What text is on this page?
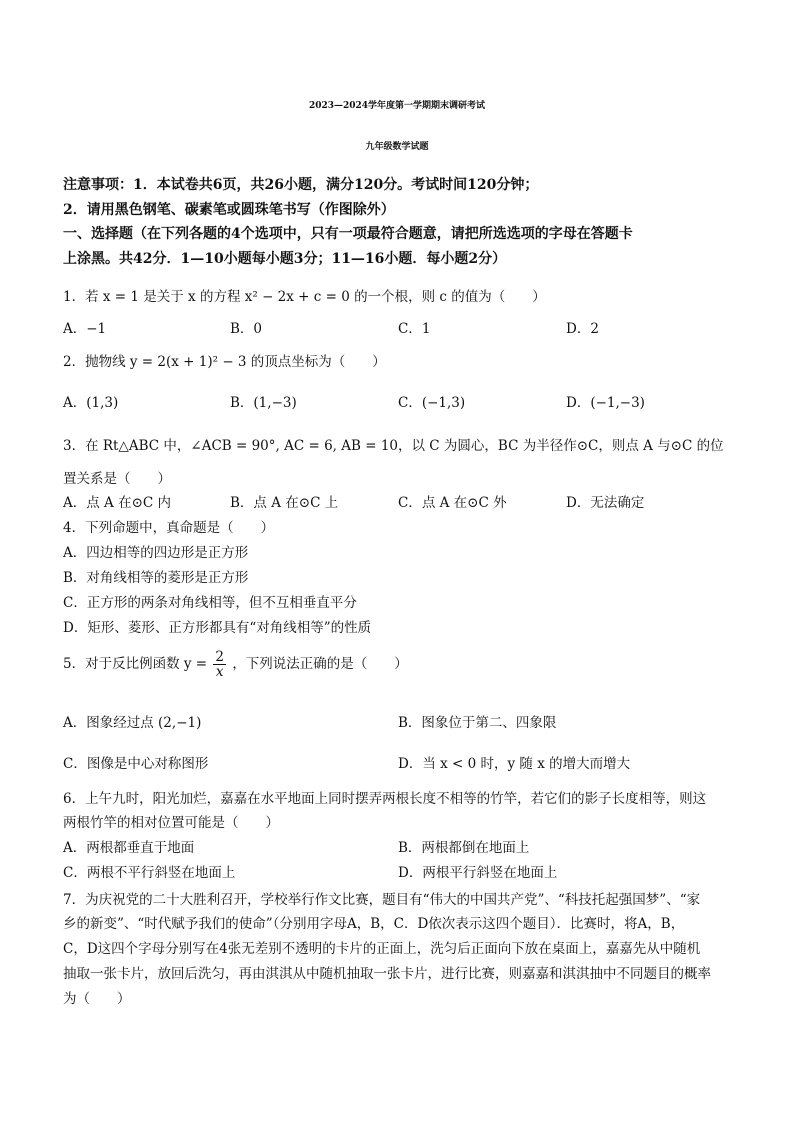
2023—2024学年度第一学期期末调研考试
九年级数学试题
注意事项：1．本试卷共6页，共26小题，满分120分。考试时间120分钟；
2．请用黑色钢笔、碳素笔或圆珠笔书写（作图除外）
一、选择题（在下列各题的4个选项中，只有一项最符合题意，请把所选选项的字母在答题卡
上涂黑。共42分．1—10小题每小题3分；11—16小题．每小题2分）
1．若 x = 1 是关于 x 的方程 x² − 2x + c = 0 的一个根，则 c 的值为（　　）
A．−1	B．0	C．1	D．2
2．抛物线 y = 2(x + 1)² − 3 的顶点坐标为（　　）
A．(1,3)	B．(1,−3)	C．(−1,3)	D．(−1,−3)
3．在 Rt△ABC 中，∠ACB = 90°, AC = 6, AB = 10，以 C 为圆心，BC 为半径作⊙C，则点 A 与⊙C 的位
置关系是（　　）
A．点 A 在⊙C 内	B．点 A 在⊙C 上	C．点 A 在⊙C 外	D．无法确定
4．下列命题中，真命题是（　　）
A．四边相等的四边形是正方形
B．对角线相等的菱形是正方形
C．正方形的两条对角线相等，但不互相垂直平分
D．矩形、菱形、正方形都具有“对角线相等”的性质
5．对于反比例函数 $y = \frac{2}{x}$ ，下列说法正确的是（　　）
A．图象经过点 (2,−1)	B．图象位于第二、四象限
C．图像是中心对称图形	D．当 x < 0 时，y 随 x 的增大而增大
6．上午九时，阳光加烂，嘉嘉在水平地面上同时摆弄两根长度不相等的竹竿，若它们的影子长度相等，则这
两根竹竿的相对位置可能是（　　）
A．两根都垂直于地面	B．两根都倒在地面上
C．两根不平行斜竖在地面上	D．两根平行斜竖在地面上
7．为庆祝党的二十大胜利召开，学校举行作文比赛，题目有“伟大的中国共产党”、“科技托起强国梦”、“家
乡的新变”、“时代赋予我们的使命”（分别用字母A，B，C．D依次表示这四个题目）．比赛时，将A，B，
C，D这四个字母分别写在4张无差别不透明的卡片的正面上，洗匀后正面向下放在桌面上，嘉嘉先从中随机
抽取一张卡片，放回后洗匀，再由淇淇从中随机抽取一张卡片，进行比赛，则嘉嘉和淇淇抽中不同题目的概率
为（　　）
